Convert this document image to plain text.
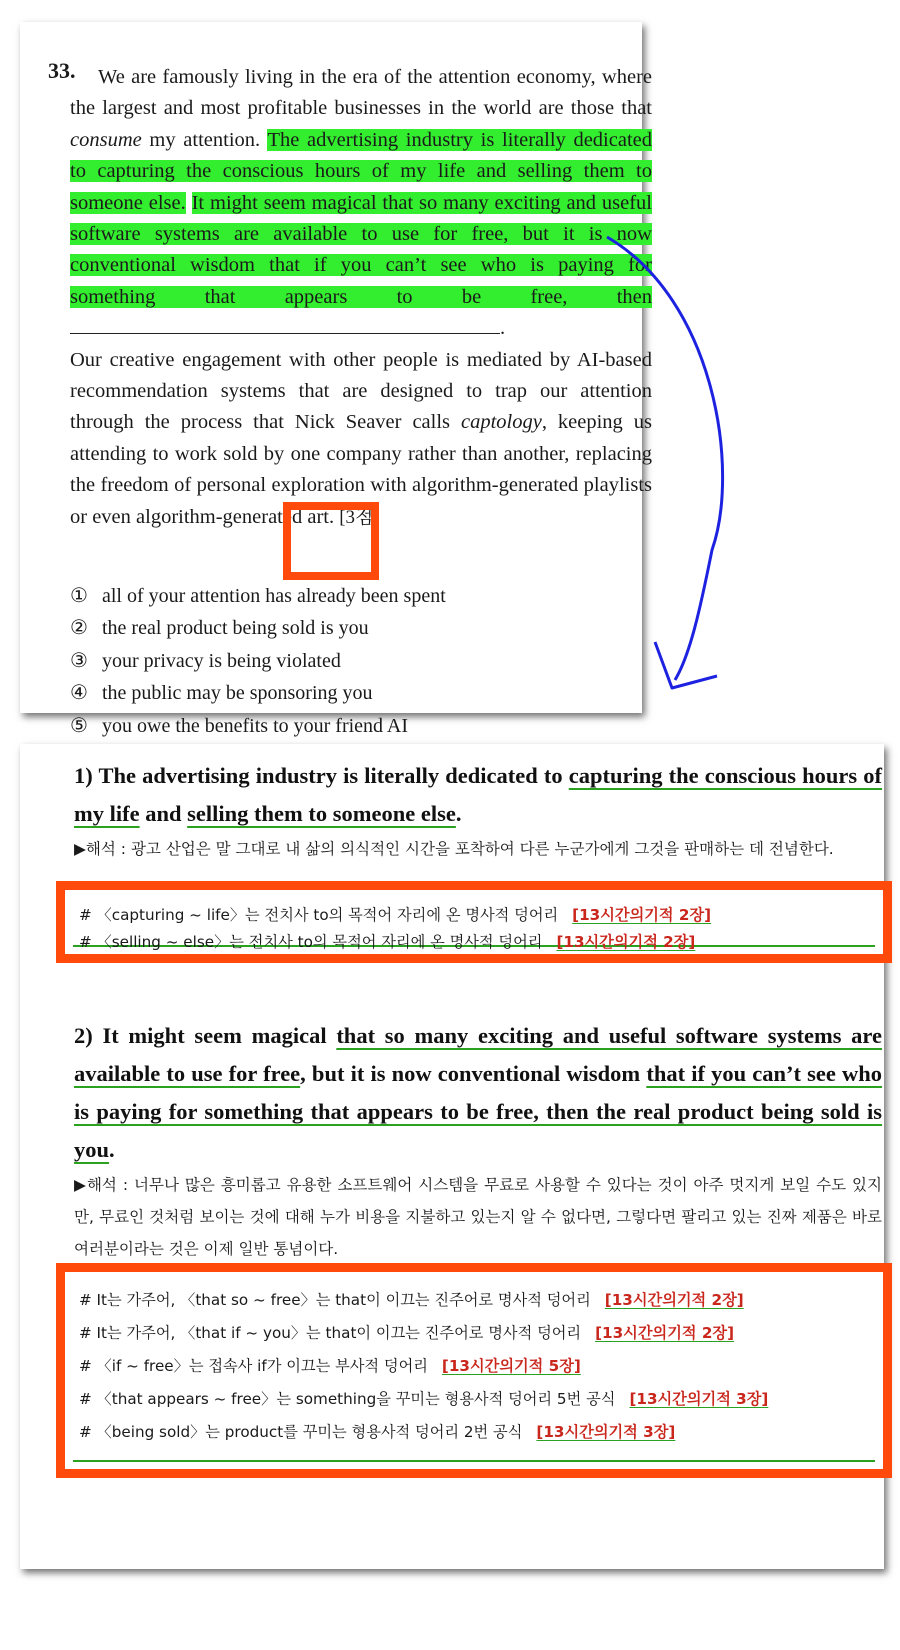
33.	We are famously living in the era of the attention economy, where the largest and most profitable businesses in the world are those that consume my attention. The advertising industry is literally dedicated to capturing the conscious hours of my life and selling them to someone else. It might seem magical that so many exciting and useful software systems are available to use for free, but it is now conventional wisdom that if you can’t see who is paying for something that appears to be free, then .
Our creative engagement with other people is mediated by AI-based recommendation systems that are designed to trap our attention through the process that Nick Seaver calls captology, keeping us attending to work sold by one company rather than another, replacing the freedom of personal exploration with algorithm-generated playlists or even algorithm-generated art. [3점]
① all of your attention has already been spent
② the real product being sold is you
③ your privacy is being violated
④ the public may be sponsoring you
⑤ you owe the benefits to your friend AI
1) The advertising industry is literally dedicated to capturing the conscious hours of my life and selling them to someone else.
▶해석 : 광고 산업은 말 그대로 내 삶의 의식적인 시간을 포착하여 다른 누군가에게 그것을 판매하는 데 전념한다.
# 〈capturing ~ life〉는 전치사 to의 목적어 자리에 온 명사적 덩어리 [13시간의기적 2장]
# 〈selling ~ else〉는 전치사 to의 목적어 자리에 온 명사적 덩어리 [13시간의기적 2장]
2) It might seem magical that so many exciting and useful software systems are available to use for free, but it is now conventional wisdom that if you can’t see who is paying for something that appears to be free, then the real product being sold is you.
▶해석 : 너무나 많은 흥미롭고 유용한 소프트웨어 시스템을 무료로 사용할 수 있다는 것이 아주 멋지게 보일 수도 있지만, 무료인 것처럼 보이는 것에 대해 누가 비용을 지불하고 있는지 알 수 없다면, 그렇다면 팔리고 있는 진짜 제품은 바로 여러분이라는 것은 이제 일반 통념이다.
# It는 가주어, 〈that so ~ free〉는 that이 이끄는 진주어로 명사적 덩어리 [13시간의기적 2장]
# It는 가주어, 〈that if ~ you〉는 that이 이끄는 진주어로 명사적 덩어리 [13시간의기적 2장]
# 〈if ~ free〉는 접속사 if가 이끄는 부사적 덩어리 [13시간의기적 5장]
# 〈that appears ~ free〉는 something을 꾸미는 형용사적 덩어리 5번 공식 [13시간의기적 3장]
# 〈being sold〉는 product를 꾸미는 형용사적 덩어리 2번 공식 [13시간의기적 3장]
